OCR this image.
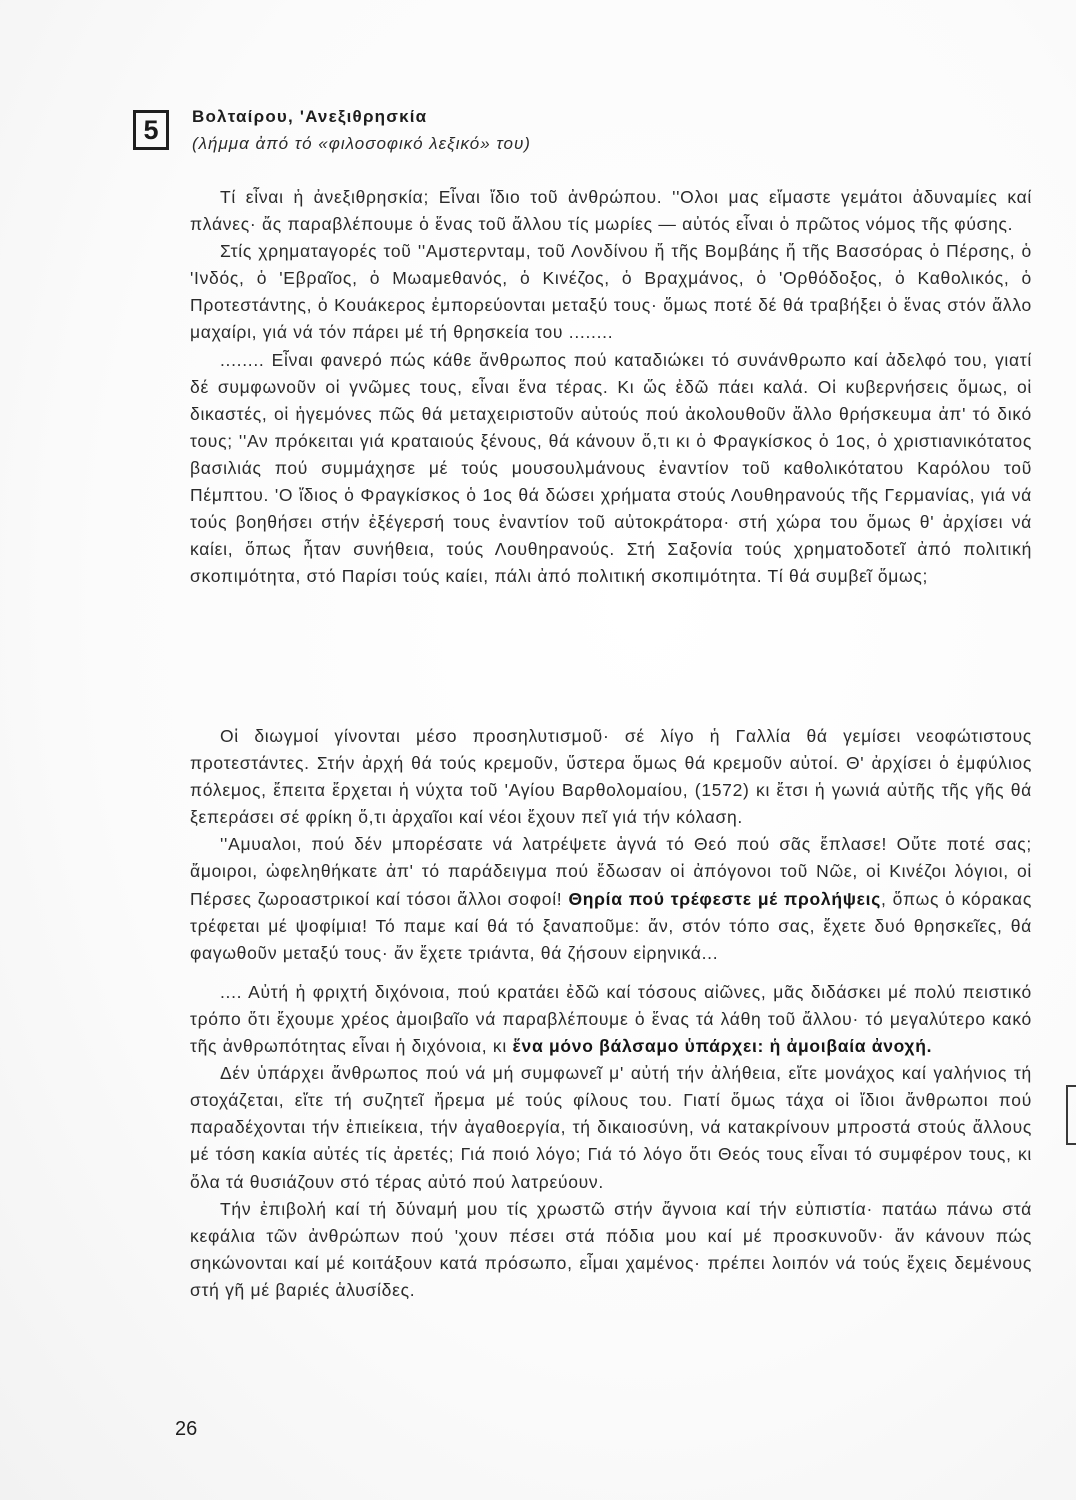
5	Βολταίρου, 'Ανεξιθρησκία
(λήμμα ἀπό τό «φιλοσοφικό λεξικό» του)

Τί εἶναι ἡ ἀνεξιθρησκία; Εἶναι ἴδιο τοῦ ἀνθρώπου. ''Ολοι μας εἴμαστε γεμάτοι ἀδυναμίες καί πλάνες· ἄς παραβλέπουμε ὁ ἕνας τοῦ ἄλλου τίς μωρίες — αὐτός εἶναι ὁ πρῶτος νόμος τῆς φύσης.

Στίς χρηματαγορές τοῦ ''Αμστερνταμ, τοῦ Λονδίνου ἤ τῆς Βομβάης ἤ τῆς Βασσόρας ὁ Πέρσης, ὁ 'Ινδός, ὁ 'Εβραῖος, ὁ Μωαμεθανός, ὁ Κινέζος, ὁ Βραχμάνος, ὁ 'Ορθόδοξος, ὁ Καθολικός, ὁ Προτεστάντης, ὁ Κουάκερος ἐμπορεύονται μεταξύ τους· ὅμως ποτέ δέ θά τραβήξει ὁ ἕνας στόν ἄλλο μαχαίρι, γιά νά τόν πάρει μέ τή θρησκεία του ........

........ Εἶναι φανερό πώς κάθε ἄνθρωπος πού καταδιώκει τό συνάνθρωπο καί ἀδελφό του, γιατί δέ συμφωνοῦν οἱ γνῶμες τους, εἶναι ἕνα τέρας. Κι ὥς ἐδῶ πάει καλά. Οἱ κυβερνήσεις ὅμως, οἱ δικαστές, οἱ ἡγεμόνες πῶς θά μεταχειριστοῦν αὐτούς πού ἀκολουθοῦν ἄλλο θρήσκευμα ἀπ' τό δικό τους; ''Αν πρόκειται γιά κραταιούς ξένους, θά κάνουν ὅ,τι κι ὁ Φραγκίσκος ὁ 1ος, ὁ χριστιανικότατος βασιλιάς πού συμμάχησε μέ τούς μουσουλμάνους ἐναντίον τοῦ καθολικότατου Καρόλου τοῦ Πέμπτου. 'Ο ἴδιος ὁ Φραγκίσκος ὁ 1ος θά δώσει χρήματα στούς Λουθηρανούς τῆς Γερμανίας, γιά νά τούς βοηθήσει στήν ἐξέγερσή τους ἐναντίον τοῦ αὐτοκράτορα· στή χώρα του ὅμως θ' ἀρχίσει νά καίει, ὅπως ἦταν συνήθεια, τούς Λουθηρανούς. Στή Σαξονία τούς χρηματοδοτεῖ ἀπό πολιτική σκοπιμότητα, στό Παρίσι τούς καίει, πάλι ἀπό πολιτική σκοπιμότητα. Τί θά συμβεῖ ὅμως;

Οἱ διωγμοί γίνονται μέσο προσηλυτισμοῦ· σέ λίγο ἡ Γαλλία θά γεμίσει νεοφώτιστους προτεστάντες. Στήν ἀρχή θά τούς κρεμοῦν, ὕστερα ὅμως θά κρεμοῦν αὐτοί. Θ' ἀρχίσει ὁ ἐμφύλιος πόλεμος, ἔπειτα ἔρχεται ἡ νύχτα τοῦ 'Αγίου Βαρθολομαίου, (1572) κι ἔτσι ἡ γωνιά αὐτῆς τῆς γῆς θά ξεπεράσει σέ φρίκη ὅ,τι ἀρχαῖοι καί νέοι ἔχουν πεῖ γιά τήν κόλαση.

''Αμυαλοι, πού δέν μπορέσατε νά λατρέψετε ἁγνά τό Θεό πού σᾶς ἔπλασε! Οὔτε ποτέ σας; ἄμοιροι, ὠφεληθήκατε ἀπ' τό παράδειγμα πού ἔδωσαν οἱ ἀπόγονοι τοῦ Νῶε, οἱ Κινέζοι λόγιοι, οἱ Πέρσες ζωροαστρικοί καί τόσοι ἄλλοι σοφοί! Θηρία πού τρέφεστε μέ προλήψεις, ὅπως ὁ κόρακας τρέφεται μέ ψοφίμια! Τό παμε καί θά τό ξαναποῦμε: ἄν, στόν τόπο σας, ἔχετε δυό θρησκεῖες, θά φαγωθοῦν μεταξύ τους· ἄν ἔχετε τριάντα, θά ζήσουν εἰρηνικά...

.... Αὐτή ἡ φριχτή διχόνοια, πού κρατάει ἐδῶ καί τόσους αἰῶνες, μᾶς διδάσκει μέ πολύ πειστικό τρόπο ὅτι ἔχουμε χρέος ἀμοιβαῖο νά παραβλέπουμε ὁ ἕνας τά λάθη τοῦ ἄλλου· τό μεγαλύτερο κακό τῆς ἀνθρωπότητας εἶναι ἡ διχόνοια, κι ἕνα μόνο βάλσαμο ὑπάρχει: ἡ ἀμοιβαία ἀνοχή.

Δέν ὑπάρχει ἄνθρωπος πού νά μή συμφωνεῖ μ' αὐτή τήν ἀλήθεια, εἴτε μονάχος καί γαλήνιος τή στοχάζεται, εἴτε τή συζητεῖ ἤρεμα μέ τούς φίλους του. Γιατί ὅμως τάχα οἱ ἴδιοι ἄνθρωποι πού παραδέχονται τήν ἐπιείκεια, τήν ἀγαθοεργία, τή δικαιοσύνη, νά κατακρίνουν μπροστά στούς ἄλλους μέ τόση κακία αὐτές τίς ἀρετές; Γιά ποιό λόγο; Γιά τό λόγο ὅτι Θεός τους εἶναι τό συμφέρον τους, κι ὅλα τά θυσιάζουν στό τέρας αὐτό πού λατρεύουν.

Τήν ἐπιβολή καί τή δύναμή μου τίς χρωστῶ στήν ἄγνοια καί τήν εὐπιστία· πατάω πάνω στά κεφάλια τῶν ἀνθρώπων πού 'χουν πέσει στά πόδια μου καί μέ προσκυνοῦν· ἄν κάνουν πώς σηκώνονται καί μέ κοιτάξουν κατά πρόσωπο, εἶμαι χαμένος· πρέπει λοιπόν νά τούς ἔχεις δεμένους στή γῆ μέ βαριές ἁλυσίδες.

26
